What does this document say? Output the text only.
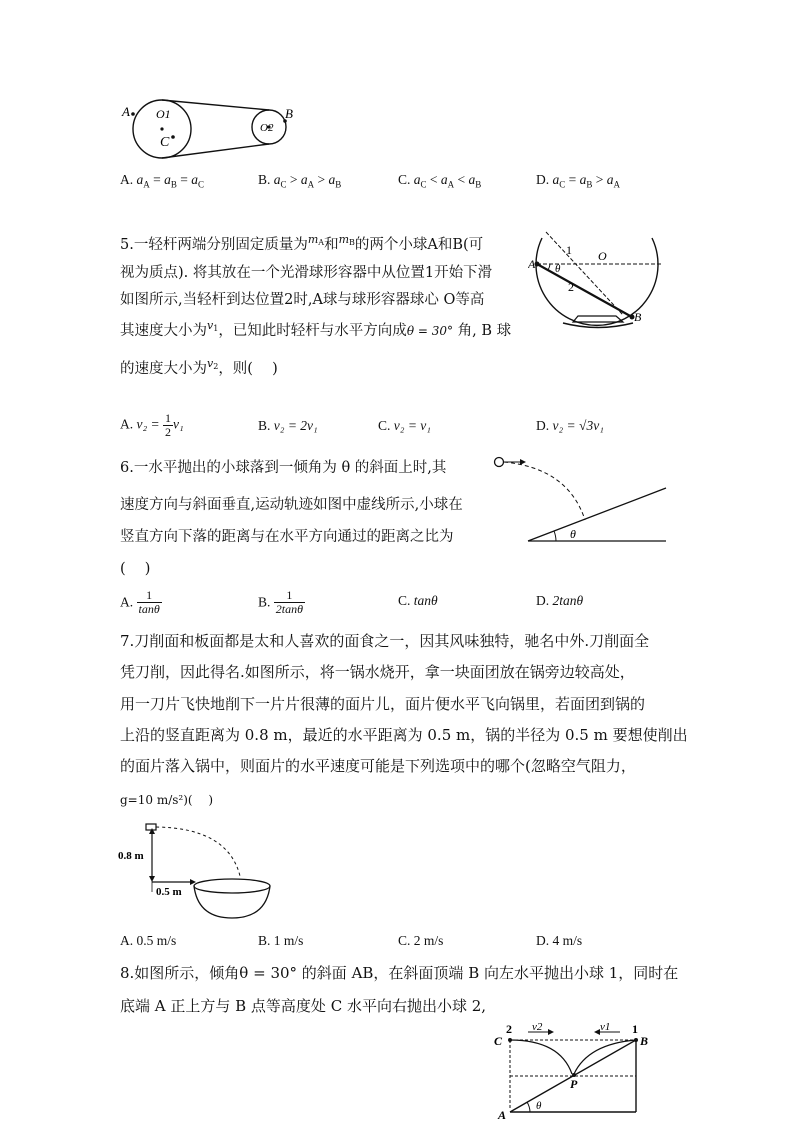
A O1
C
O2
B
A. $a_A = a_B = a_C$	B. $a_C > a_A > a_B$	C. $a_C < a_A < a_B$	D. $a_C = a_B > a_A$
5.一轻杆两端分别固定质量为$^m_A$和$^m_B$的两个小球A和B(可
视为质点). 将其放在一个光滑球形容器中从位置1开始下滑
如图所示,当轻杆到达位置2时,A球与球形容器球心 O等高
其速度大小为$^v_1$，已知此时轻杆与水平方向成θ = 30° 角, B 球
的速度大小为$^v_2$，则(　 )
A θ
1
2
O
B
A. $v_2 = \frac{1}{2} v_1$	B. v₂ = 2v₁	C. v₂ = v₁	D. v₂ = √3v₁
6.一水平抛出的小球落到一倾角为 θ 的斜面上时,其
速度方向与斜面垂直,运动轨迹如图中虚线所示,小球在
竖直方向下落的距离与在水平方向通过的距离之比为
(　 )
θ
A. $\frac{1}{\tan\theta}$	B. $\frac{1}{2\tan\theta}$	C. tanθ	D. 2tanθ
7.刀削面和板面都是太和人喜欢的面食之一，因其风味独特，驰名中外.刀削面全
凭刀削，因此得名.如图所示，将一锅水烧开，拿一块面团放在锅旁边较高处，
用一刀片飞快地削下一片片很薄的面片儿，面片便水平飞向锅里，若面团到锅的
上沿的竖直距离为 0.8 m，最近的水平距离为 0.5 m，锅的半径为 0.5 m 要想使削出
的面片落入锅中，则面片的水平速度可能是下列选项中的哪个(忽略空气阻力，
g=10 m/s²)(　 )
0.8 m
0.5 m
A. 0.5 m/s	B. 1 m/s	C. 2 m/s	D. 4 m/s
8.如图所示，倾角θ = 30° 的斜面 AB，在斜面顶端 B 向左水平抛出小球 1，同时在
底端 A 正上方与 B 点等高度处 C 水平向右抛出小球 2,
2 v2	v1 1
C	B
P
A
θ
